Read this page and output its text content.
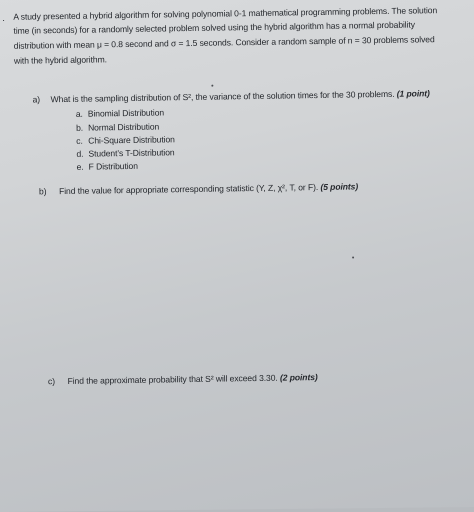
. A study presented a hybrid algorithm for solving polynomial 0-1 mathematical programming problems. The solution
time (in seconds) for a randomly selected problem solved using the hybrid algorithm has a normal probability
distribution with mean μ = 0.8 second and σ = 1.5 seconds. Consider a random sample of n = 30 problems solved
with the hybrid algorithm.
a) What is the sampling distribution of S², the variance of the solution times for the 30 problems. (1 point)
a. Binomial Distribution
b. Normal Distribution
c. Chi-Square Distribution
d. Student’s T-Distribution
e. F Distribution
b) Find the value for appropriate corresponding statistic (Y, Z, χ², T, or F). (5 points)
c) Find the approximate probability that S² will exceed 3.30. (2 points)
